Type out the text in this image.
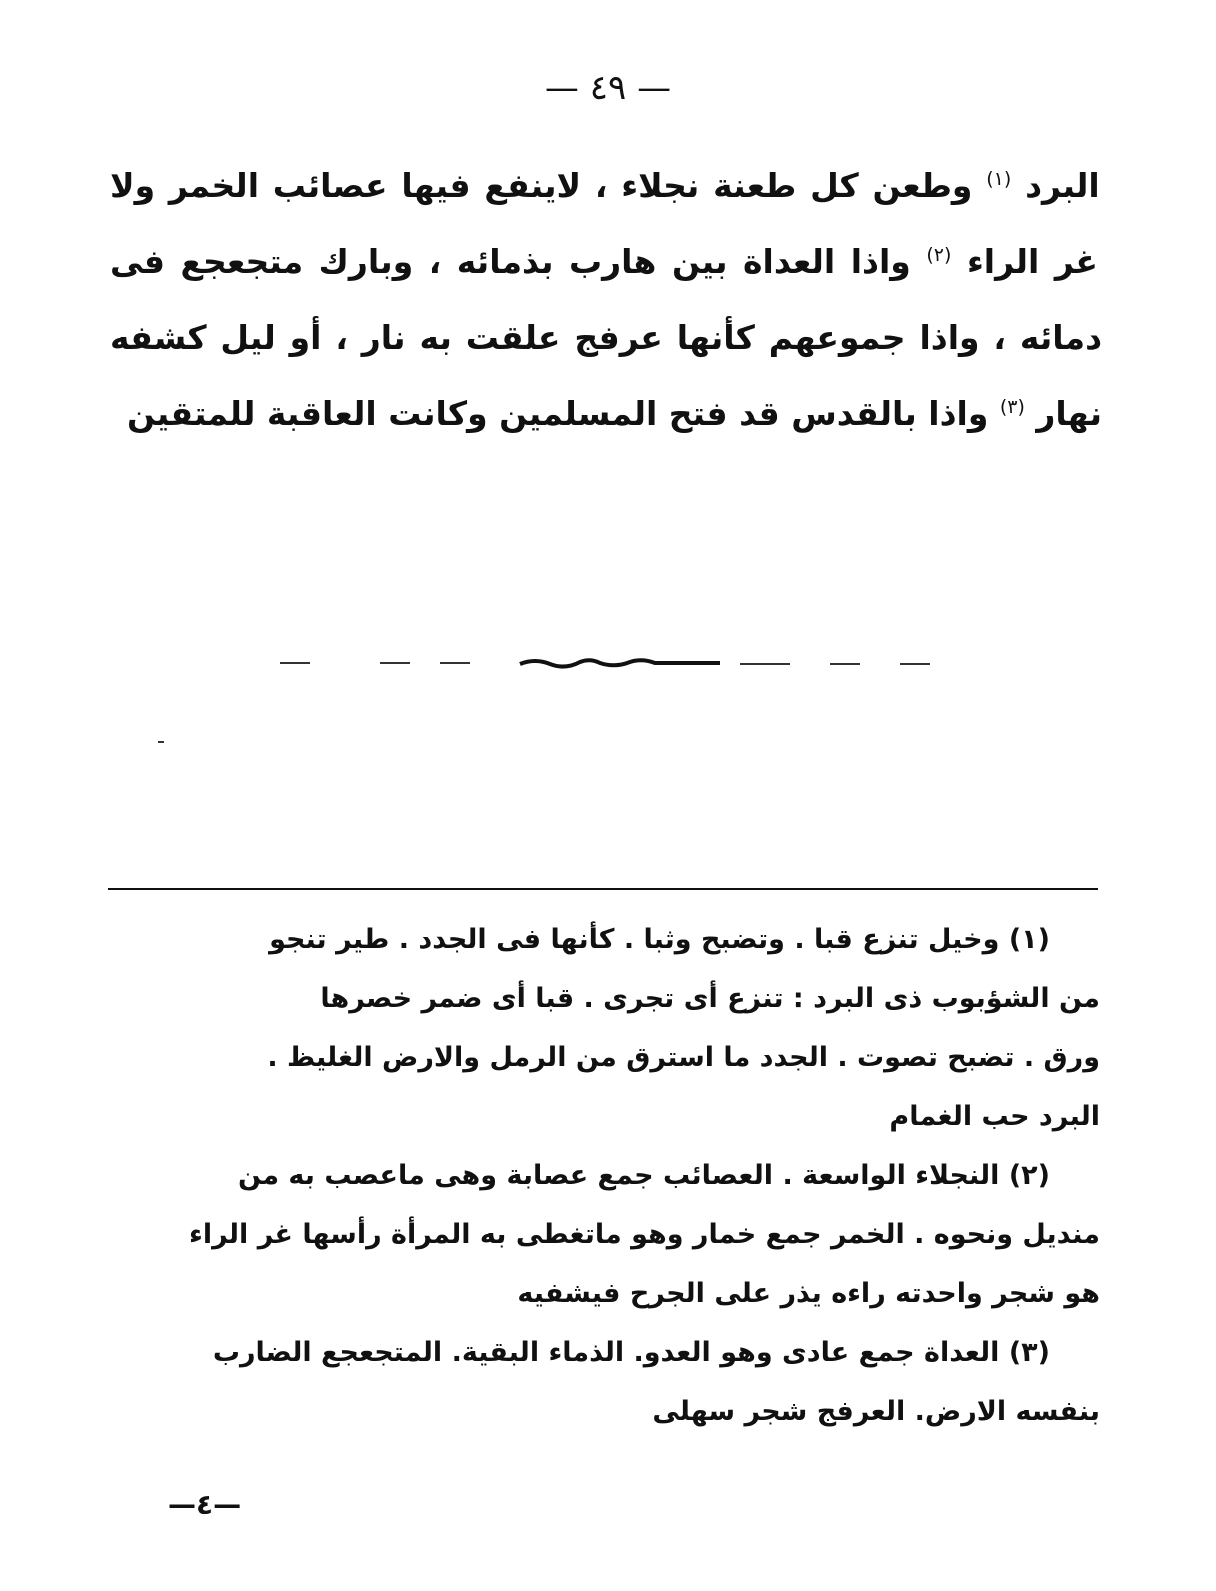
— ٤٩ —
البرد $^{(١)}$ وطعن كل طعنة نجلاء ، لاينفع فيها عصائب الخمر ولا غر الراء $^{(٢)}$ واذا العداة بين هارب بذمائه ، وبارك متجعجع فى دمائه ، واذا جموعهم كأنها عرفج علقت به نار ، أو ليل كشفه نهار $^{(٣)}$ واذا بالقدس قد فتح المسلمين وكانت العاقبة للمتقين

(١) وخيل تنزع قبا . وتضبح وثبا . كأنها فى الجدد . طير تنجو
من الشؤبوب ذى البرد : تنزع أى تجرى . قبا أى ضمر خصرها
ورق . تضبح تصوت . الجدد ما استرق من الرمل والارض الغليظ .
البرد حب الغمام

(٢) النجلاء الواسعة . العصائب جمع عصابة وهى ماعصب به من
منديل ونحوه . الخمر جمع خمار وهو ماتغطى به المرأة رأسها غر الراء
هو شجر واحدته راءه يذر على الجرح فيشفيه

(٣) العداة جمع عادى وهو العدو. الذماء البقية. المتجعجع الضارب
بنفسه الارض. العرفج شجر سهلى

—٤—
